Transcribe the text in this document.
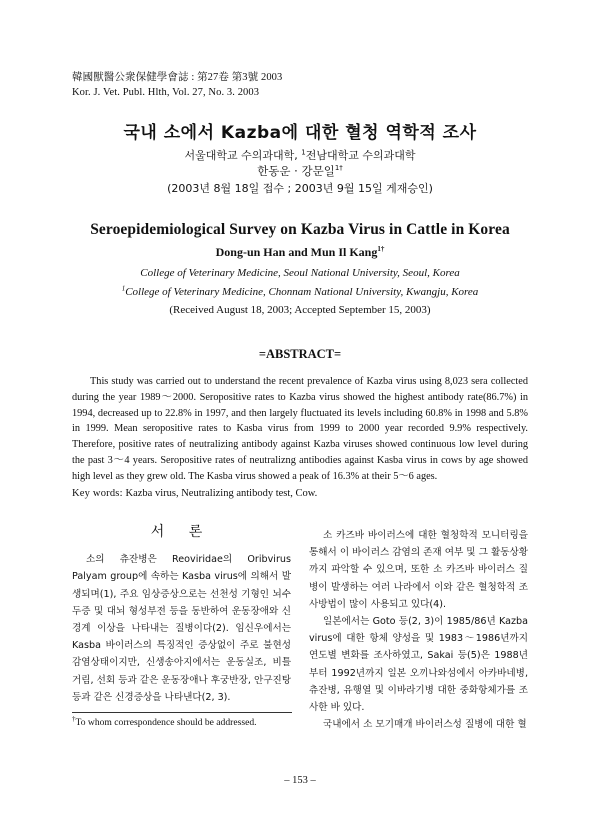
韓國獸醫公衆保健學會誌 : 第27卷 第3號 2003
Kor. J. Vet. Publ. Hlth, Vol. 27, No. 3. 2003
국내 소에서 Kazba에 대한 혈청 역학적 조사
서울대학교 수의과대학, $^1$전남대학교 수의과대학
한동운 · 강문일$^{1\dagger}$
(2003년 8월 18일 접수 ; 2003년 9월 15일 게재승인)
Seroepidemiological Survey on Kazba Virus in Cattle in Korea
Dong-un Han and Mun Il Kang$^{1\dagger}$
College of Veterinary Medicine, Seoul National University, Seoul, Korea
$^1$College of Veterinary Medicine, Chonnam National University, Kwangju, Korea
(Received August 18, 2003; Accepted September 15, 2003)
=ABSTRACT=
This study was carried out to understand the recent prevalence of Kazba virus using 8,023 sera collected during the year 1989～2000. Seropositive rates to Kazba virus showed the highest antibody rate(86.7%) in 1994, decreased up to 22.8% in 1997, and then largely fluctuated its levels including 60.8% in 1998 and 5.8% in 1999. Mean seropositive rates to Kasba virus from 1999 to 2000 year recorded 9.9% respectively. Therefore, positive rates of neutralizing antibody against Kazba viruses showed continuous low level during the past 3～4 years. Seropositive rates of neutralizng antibodies against Kasba virus in cows by age showed high level as they grew old. The Kasba virus showed a peak of 16.3% at their 5～6 ages.
Key words: Kazba virus, Neutralizing antibody test, Cow.
서 론

소의 츄잔병은 Reoviridae의 Oribvirus Palyam group에 속하는 Kasba virus에 의해서 발생되며(1), 주요 임상증상으로는 선천성 기형인 뇌수두증 및 대뇌 형성부전 등을 동반하여 운동장애와 신경계 이상을 나타내는 질병이다(2). 임신우에서는 Kasba 바이러스의 특징적인 증상없이 주로 불현성 감염상태이지만, 신생송아지에서는 운동실조, 비틀거림, 선회 등과 같은 운동장애나 후궁반장, 안구진탕 등과 같은 신경증상을 나타낸다(2, 3).

소 카즈바 바이러스에 대한 혈청학적 모니터링을 통해서 이 바이러스 감염의 존재 여부 및 그 활동상황까지 파악할 수 있으며, 또한 소 카즈바 바이러스 질병이 발생하는 여러 나라에서 이와 같은 혈청학적 조사방법이 많이 사용되고 있다(4).

일본에서는 Goto 등(2, 3)이 1985/86년 Kazba virus에 대한 항체 양성을 및 1983～1986년까지 연도별 변화를 조사하였고, Sakai 등(5)은 1988년부터 1992년까지 일본 오끼나와섬에서 아카바네병, 츄잔병, 유행열 및 이바라기병 대한 중화항체가를 조사한 바 있다.

국내에서 소 모기매개 바이러스성 질병에 대한 혈

†To whom correspondence should be addressed.
– 153 –
